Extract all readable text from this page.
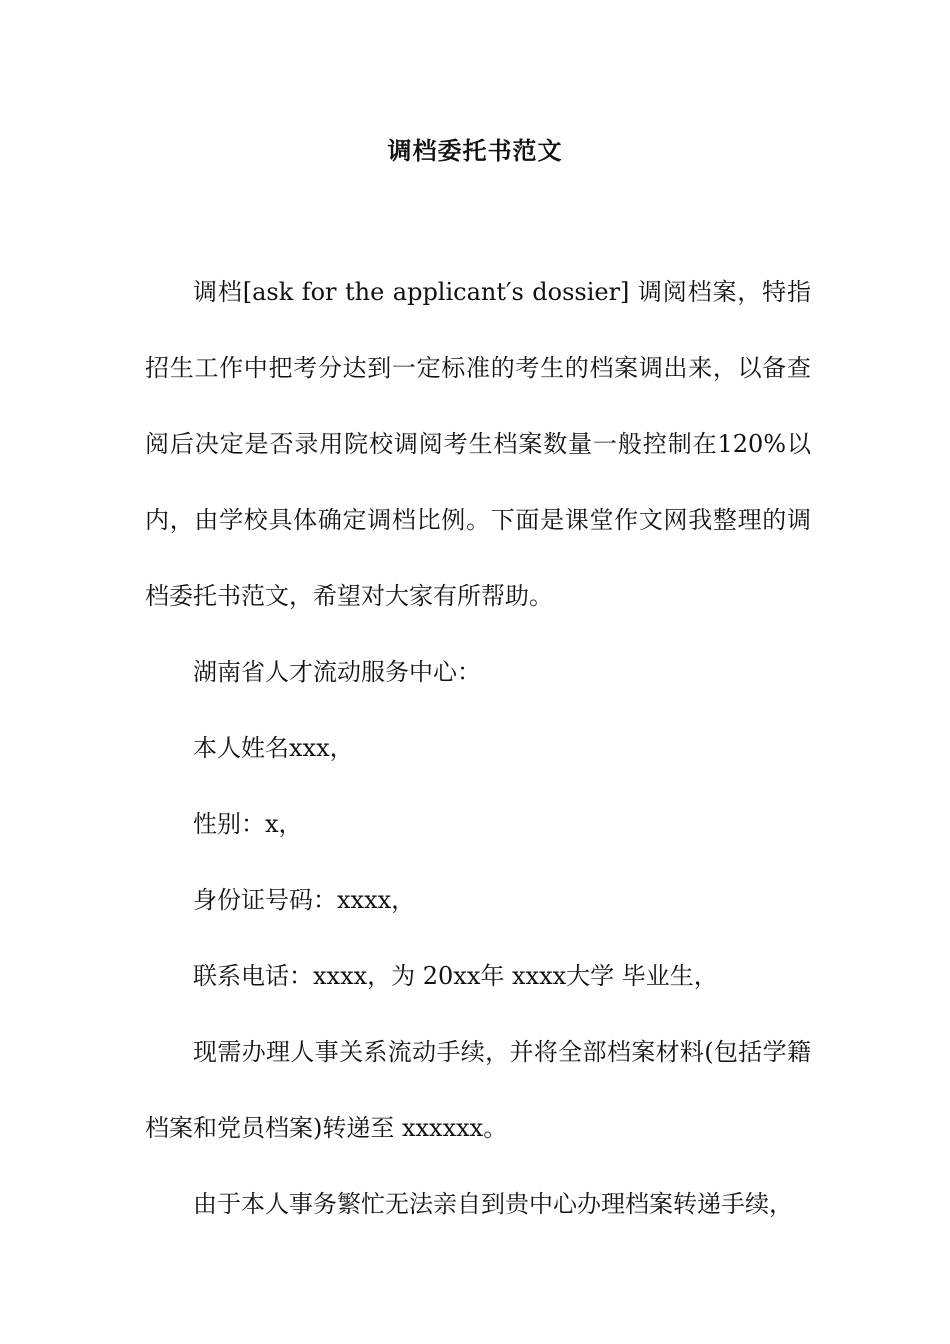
调档委托书范文

调档[ask for the applicant′s dossier] 调阅档案，特指招生工作中把考分达到一定标准的考生的档案调出来，以备查阅后决定是否录用院校调阅考生档案数量一般控制在120%以内，由学校具体确定调档比例。下面是课堂作文网我整理的调档委托书范文，希望对大家有所帮助。

湖南省人才流动服务中心：

本人姓名xxx，

性别：x，

身份证号码：xxxx，

联系电话：xxxx，为 20xx年 xxxx大学 毕业生，

现需办理人事关系流动手续，并将全部档案材料(包括学籍档案和党员档案)转递至 xxxxxx。

由于本人事务繁忙无法亲自到贵中心办理档案转递手续，
